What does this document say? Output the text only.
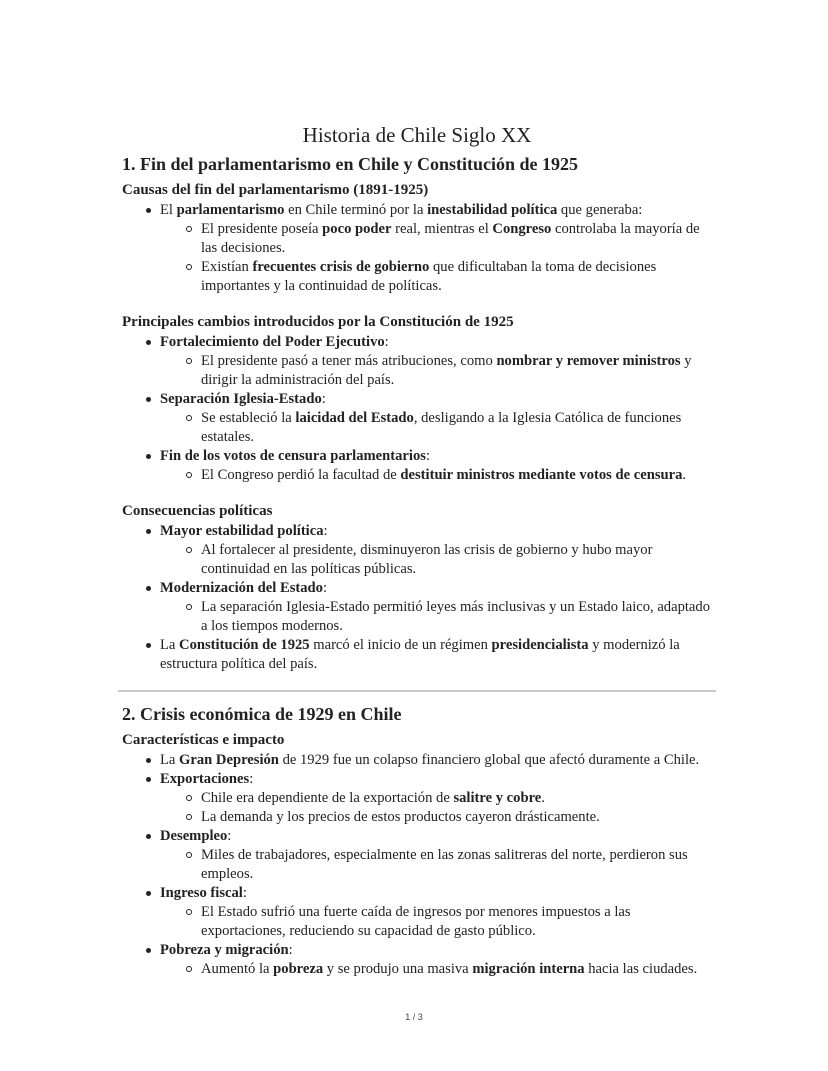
Historia de Chile Siglo XX
1. Fin del parlamentarismo en Chile y Constitución de 1925
Causas del fin del parlamentarismo (1891-1925)
El parlamentarismo en Chile terminó por la inestabilidad política que generaba:
El presidente poseía poco poder real, mientras el Congreso controlaba la mayoría de las decisiones.
Existían frecuentes crisis de gobierno que dificultaban la toma de decisiones importantes y la continuidad de políticas.
Principales cambios introducidos por la Constitución de 1925
Fortalecimiento del Poder Ejecutivo:
El presidente pasó a tener más atribuciones, como nombrar y remover ministros y dirigir la administración del país.
Separación Iglesia-Estado:
Se estableció la laicidad del Estado, desligando a la Iglesia Católica de funciones estatales.
Fin de los votos de censura parlamentarios:
El Congreso perdió la facultad de destituir ministros mediante votos de censura.
Consecuencias políticas
Mayor estabilidad política:
Al fortalecer al presidente, disminuyeron las crisis de gobierno y hubo mayor continuidad en las políticas públicas.
Modernización del Estado:
La separación Iglesia-Estado permitió leyes más inclusivas y un Estado laico, adaptado a los tiempos modernos.
La Constitución de 1925 marcó el inicio de un régimen presidencialista y modernizó la estructura política del país.
2. Crisis económica de 1929 en Chile
Características e impacto
La Gran Depresión de 1929 fue un colapso financiero global que afectó duramente a Chile.
Exportaciones:
Chile era dependiente de la exportación de salitre y cobre.
La demanda y los precios de estos productos cayeron drásticamente.
Desempleo:
Miles de trabajadores, especialmente en las zonas salitreras del norte, perdieron sus empleos.
Ingreso fiscal:
El Estado sufrió una fuerte caída de ingresos por menores impuestos a las exportaciones, reduciendo su capacidad de gasto público.
Pobreza y migración:
Aumentó la pobreza y se produjo una masiva migración interna hacia las ciudades.
1 / 3
